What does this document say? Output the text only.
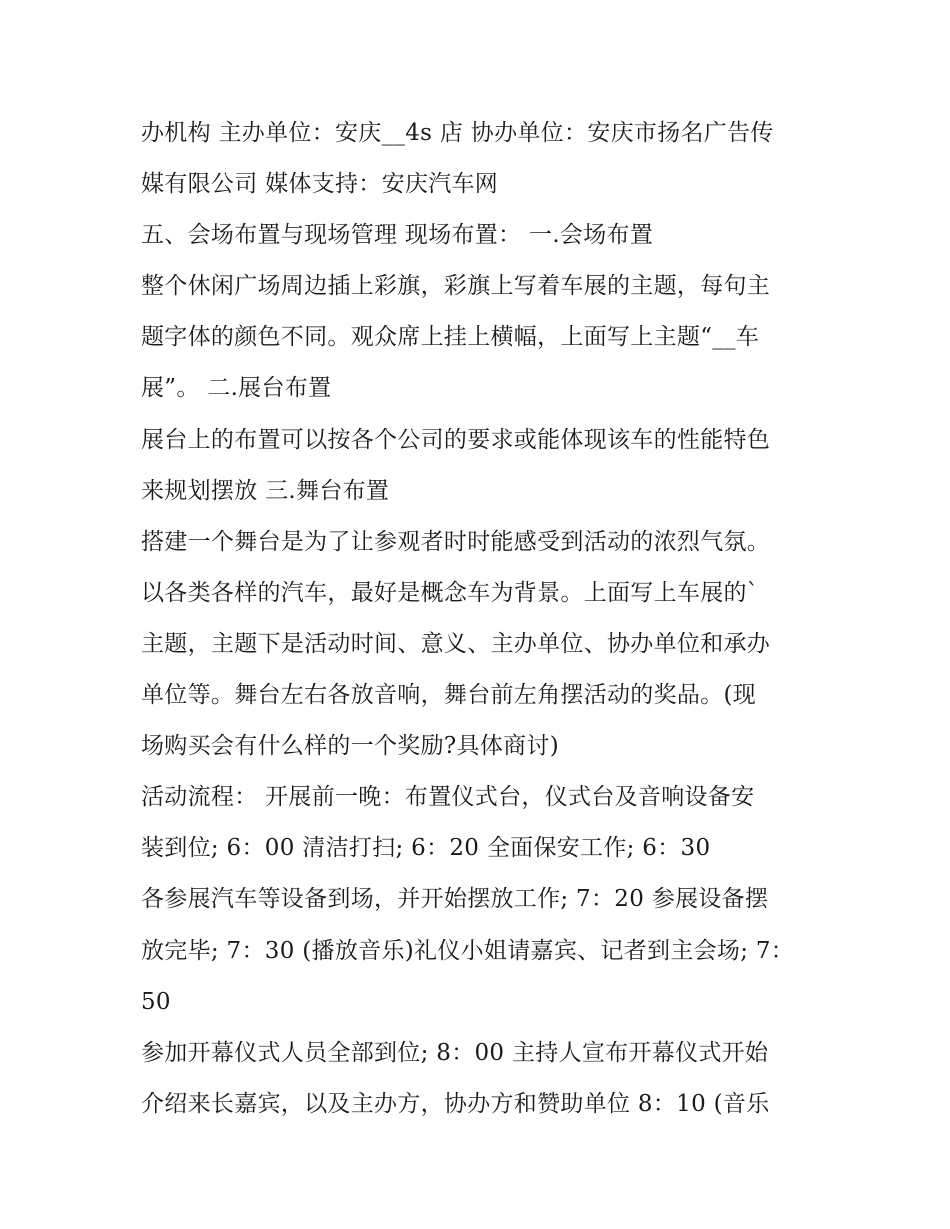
办机构 主办单位：安庆__4s 店 协办单位：安庆市扬名广告传
媒有限公司 媒体支持：安庆汽车网
五、会场布置与现场管理 现场布置： 一.会场布置
整个休闲广场周边插上彩旗，彩旗上写着车展的主题，每句主
题字体的颜色不同。观众席上挂上横幅，上面写上主题“__车
展”。 二.展台布置
展台上的布置可以按各个公司的要求或能体现该车的性能特色
来规划摆放 三.舞台布置
搭建一个舞台是为了让参观者时时能感受到活动的浓烈气氛。
以各类各样的汽车，最好是概念车为背景。上面写上车展的`
主题，主题下是活动时间、意义、主办单位、协办单位和承办
单位等。舞台左右各放音响，舞台前左角摆活动的奖品。(现
场购买会有什么样的一个奖励?具体商讨)
活动流程： 开展前一晚：布置仪式台，仪式台及音响设备安
装到位; 6：00 清洁打扫; 6：20 全面保安工作; 6：30
各参展汽车等设备到场，并开始摆放工作; 7：20 参展设备摆
放完毕; 7：30 (播放音乐)礼仪小姐请嘉宾、记者到主会场; 7：
50
参加开幕仪式人员全部到位; 8：00 主持人宣布开幕仪式开始
介绍来长嘉宾，以及主办方，协办方和赞助单位 8：10 (音乐
